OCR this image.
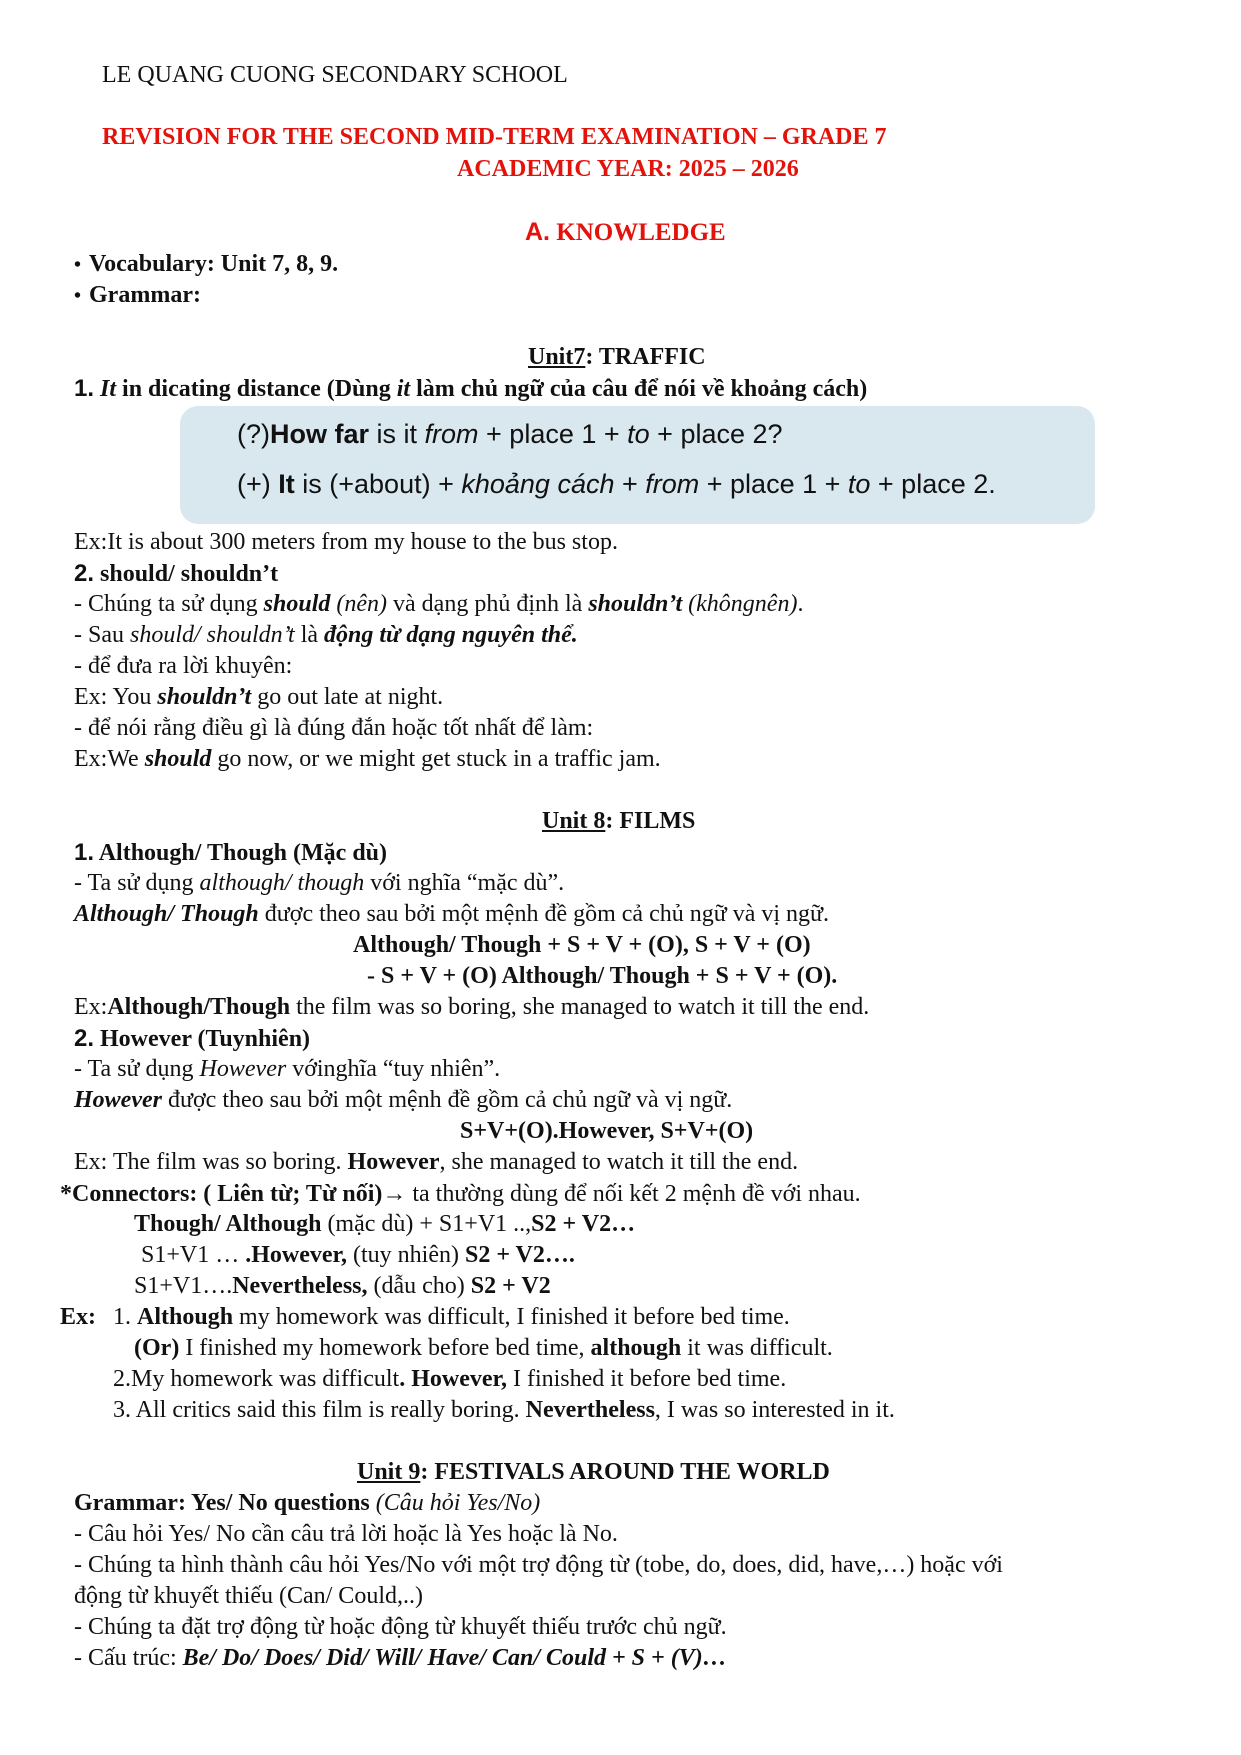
LE QUANG CUONG SECONDARY SCHOOL
REVISION FOR THE SECOND MID-TERM EXAMINATION – GRADE 7
ACADEMIC YEAR: 2025 – 2026
A. KNOWLEDGE
• Vocabulary: Unit 7, 8, 9.
• Grammar:
Unit7: TRAFFIC
1. It in dicating distance (Dùng it làm chủ ngữ của câu để nói về khoảng cách)
(?)How far is it from + place 1 + to + place 2?
(+) It is (+about) + khoảng cách + from + place 1 + to + place 2.
Ex:It is about 300 meters from my house to the bus stop.
2. should/ shouldn’t
- Chúng ta sử dụng should (nên) và dạng phủ định là shouldn’t (khôngnên).
- Sau should/ shouldn’t là động từ dạng nguyên thể.
- để đưa ra lời khuyên:
Ex: You shouldn’t go out late at night.
- để nói rằng điều gì là đúng đắn hoặc tốt nhất để làm:
Ex:We should go now, or we might get stuck in a traffic jam.
Unit 8: FILMS
1. Although/ Though (Mặc dù)
- Ta sử dụng although/ though với nghĩa “mặc dù”.
Although/ Though được theo sau bởi một mệnh đề gồm cả chủ ngữ và vị ngữ.
Although/ Though + S + V + (O), S + V + (O)
- S + V + (O) Although/ Though + S + V + (O).
Ex:Although/Though the film was so boring, she managed to watch it till the end.
2. However (Tuynhiên)
- Ta sử dụng However vớinghĩa “tuy nhiên”.
However được theo sau bởi một mệnh đề gồm cả chủ ngữ và vị ngữ.
S+V+(O).However, S+V+(O)
Ex: The film was so boring. However, she managed to watch it till the end.
*Connectors: ( Liên từ; Từ nối)→ ta thường dùng để nối kết 2 mệnh đề với nhau.
Though/ Although (mặc dù) + S1+V1 ..,S2 + V2…
S1+V1 … .However, (tuy nhiên) S2 + V2….
S1+V1….Nevertheless, (dẫu cho) S2 + V2
Ex: 1. Although my homework was difficult, I finished it before bed time.
(Or) I finished my homework before bed time, although it was difficult.
2.My homework was difficult. However, I finished it before bed time.
3. All critics said this film is really boring. Nevertheless, I was so interested in it.
Unit 9: FESTIVALS AROUND THE WORLD
Grammar: Yes/ No questions (Câu hỏi Yes/No)
- Câu hỏi Yes/ No cần câu trả lời hoặc là Yes hoặc là No.
- Chúng ta hình thành câu hỏi Yes/No với một trợ động từ (tobe, do, does, did, have,…) hoặc với
động từ khuyết thiếu (Can/ Could,..)
- Chúng ta đặt trợ động từ hoặc động từ khuyết thiếu trước chủ ngữ.
- Cấu trúc: Be/ Do/ Does/ Did/ Will/ Have/ Can/ Could + S + (V)…
